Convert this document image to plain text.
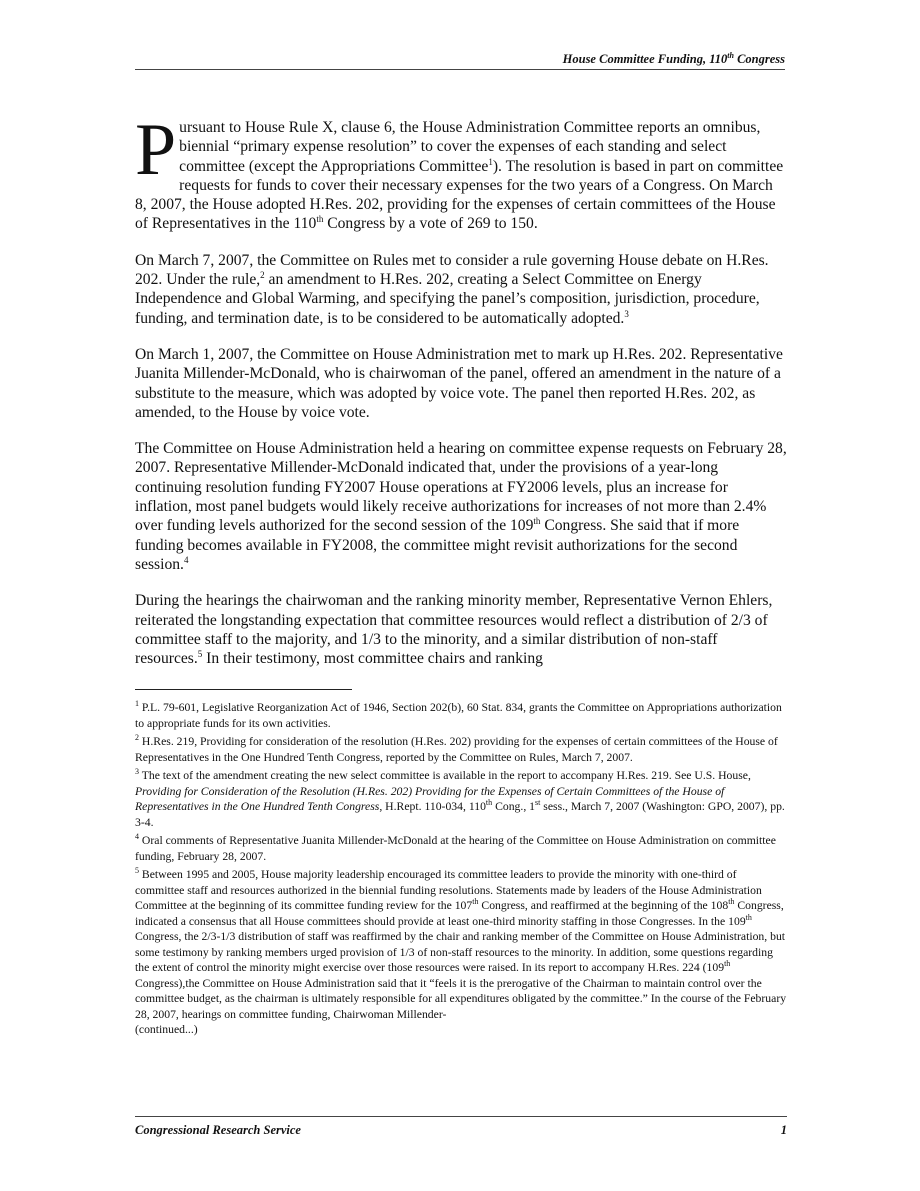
House Committee Funding, 110th Congress

Pursuant to House Rule X, clause 6, the House Administration Committee reports an omnibus, biennial “primary expense resolution” to cover the expenses of each standing and select committee (except the Appropriations Committee$^1$). The resolution is based in part on committee requests for funds to cover their necessary expenses for the two years of a Congress. On March 8, 2007, the House adopted H.Res. 202, providing for the expenses of certain committees of the House of Representatives in the 110th Congress by a vote of 269 to 150.

On March 7, 2007, the Committee on Rules met to consider a rule governing House debate on H.Res. 202. Under the rule,$^2$ an amendment to H.Res. 202, creating a Select Committee on Energy Independence and Global Warming, and specifying the panel’s composition, jurisdiction, procedure, funding, and termination date, is to be considered to be automatically adopted.$^3$

On March 1, 2007, the Committee on House Administration met to mark up H.Res. 202. Representative Juanita Millender-McDonald, who is chairwoman of the panel, offered an amendment in the nature of a substitute to the measure, which was adopted by voice vote. The panel then reported H.Res. 202, as amended, to the House by voice vote.

The Committee on House Administration held a hearing on committee expense requests on February 28, 2007. Representative Millender-McDonald indicated that, under the provisions of a year-long continuing resolution funding FY2007 House operations at FY2006 levels, plus an increase for inflation, most panel budgets would likely receive authorizations for increases of not more than 2.4% over funding levels authorized for the second session of the 109th Congress. She said that if more funding becomes available in FY2008, the committee might revisit authorizations for the second session.$^4$

During the hearings the chairwoman and the ranking minority member, Representative Vernon Ehlers, reiterated the longstanding expectation that committee resources would reflect a distribution of 2/3 of committee staff to the majority, and 1/3 to the minority, and a similar distribution of non-staff resources.$^5$ In their testimony, most committee chairs and ranking

$^1$ P.L. 79-601, Legislative Reorganization Act of 1946, Section 202(b), 60 Stat. 834, grants the Committee on Appropriations authorization to appropriate funds for its own activities.
$^2$ H.Res. 219, Providing for consideration of the resolution (H.Res. 202) providing for the expenses of certain committees of the House of Representatives in the One Hundred Tenth Congress, reported by the Committee on Rules, March 7, 2007.
$^3$ The text of the amendment creating the new select committee is available in the report to accompany H.Res. 219. See U.S. House, Providing for Consideration of the Resolution (H.Res. 202) Providing for the Expenses of Certain Committees of the House of Representatives in the One Hundred Tenth Congress, H.Rept. 110-034, 110th Cong., 1st sess., March 7, 2007 (Washington: GPO, 2007), pp. 3-4.
$^4$ Oral comments of Representative Juanita Millender-McDonald at the hearing of the Committee on House Administration on committee funding, February 28, 2007.
$^5$ Between 1995 and 2005, House majority leadership encouraged its committee leaders to provide the minority with one-third of committee staff and resources authorized in the biennial funding resolutions. Statements made by leaders of the House Administration Committee at the beginning of its committee funding review for the 107th Congress, and reaffirmed at the beginning of the 108th Congress, indicated a consensus that all House committees should provide at least one-third minority staffing in those Congresses. In the 109th Congress, the 2/3-1/3 distribution of staff was reaffirmed by the chair and ranking member of the Committee on House Administration, but some testimony by ranking members urged provision of 1/3 of non-staff resources to the minority. In addition, some questions regarding the extent of control the minority might exercise over those resources were raised. In its report to accompany H.Res. 224 (109th Congress),the Committee on House Administration said that it “feels it is the prerogative of the Chairman to maintain control over the committee budget, as the chairman is ultimately responsible for all expenditures obligated by the committee.” In the course of the February 28, 2007, hearings on committee funding, Chairwoman Millender-
(continued...)
Congressional Research Service	1
